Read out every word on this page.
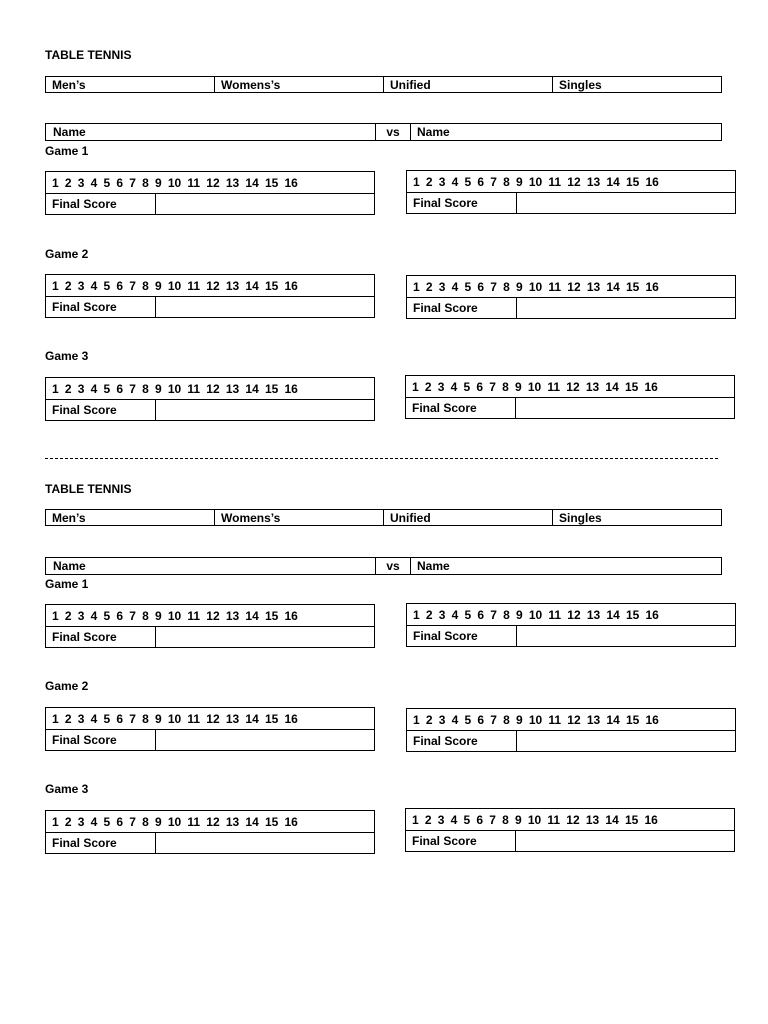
TABLE TENNIS
Men’s	Womens’s	Unified	Singles
Name	vs	Name
Game 1
1 2 3 4 5 6 7 8 9 10 11 12 13 14 15 16
Final Score
1 2 3 4 5 6 7 8 9 10 11 12 13 14 15 16
Final Score
Game 2
1 2 3 4 5 6 7 8 9 10 11 12 13 14 15 16
Final Score
1 2 3 4 5 6 7 8 9 10 11 12 13 14 15 16
Final Score
Game 3
1 2 3 4 5 6 7 8 9 10 11 12 13 14 15 16
Final Score
1 2 3 4 5 6 7 8 9 10 11 12 13 14 15 16
Final Score
TABLE TENNIS
Men’s	Womens’s	Unified	Singles
Name	vs	Name
Game 1
1 2 3 4 5 6 7 8 9 10 11 12 13 14 15 16
Final Score
1 2 3 4 5 6 7 8 9 10 11 12 13 14 15 16
Final Score
Game 2
1 2 3 4 5 6 7 8 9 10 11 12 13 14 15 16
Final Score
1 2 3 4 5 6 7 8 9 10 11 12 13 14 15 16
Final Score
Game 3
1 2 3 4 5 6 7 8 9 10 11 12 13 14 15 16
Final Score
1 2 3 4 5 6 7 8 9 10 11 12 13 14 15 16
Final Score
